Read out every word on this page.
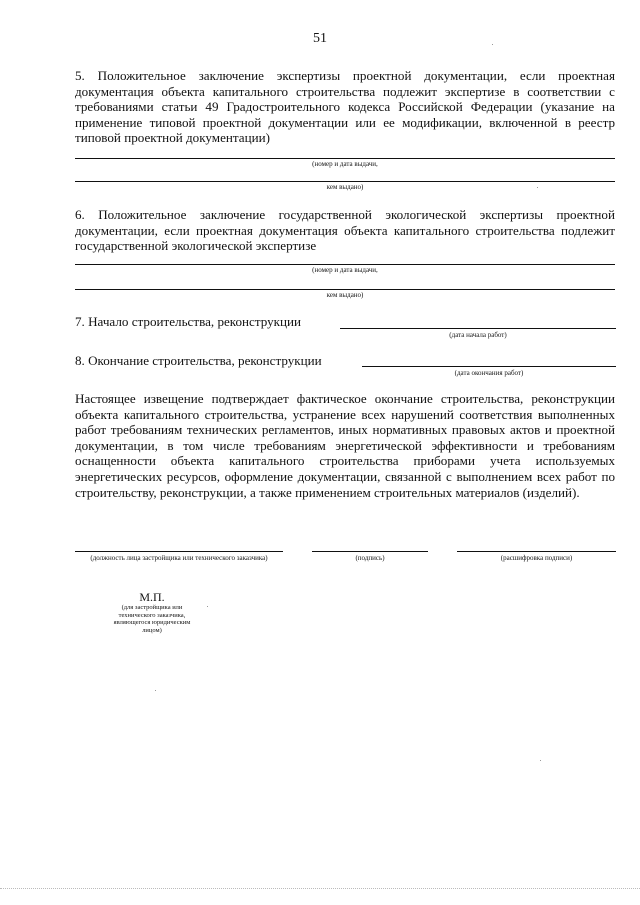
51

5. Положительное заключение экспертизы проектной документации, если проектная документация объекта капитального строительства подлежит экспертизе в соответствии с требованиями статьи 49 Градостроительного кодекса Российской Федерации (указание на применение типовой проектной документации или ее модификации, включенной в реестр типовой проектной документации)

(номер и дата выдачи,
кем выдано)

6. Положительное заключение государственной экологической экспертизы проектной документации, если проектная документация объекта капитального строительства подлежит государственной экологической экспертизе

(номер и дата выдачи,
кем выдано)
7. Начало строительства, реконструкции
(дата начала работ)
8. Окончание строительства, реконструкции
(дата окончания работ)

Настоящее извещение подтверждает фактическое окончание строительства, реконструкции объекта капитального строительства, устранение всех нарушений соответствия выполненных работ требованиям технических регламентов, иных нормативных правовых актов и проектной документации, в том числе требованиям энергетической эффективности и требованиям оснащенности объекта капитального строительства приборами учета используемых энергетических ресурсов, оформление документации, связанной с выполнением всех работ по строительству, реконструкции, а также применением строительных материалов (изделий).

(должность лица застройщика или технического заказчика)	(подпись)	(расшифровка подписи)
М.П.
(для застройщика или технического заказчика, являющегося юридическим лицом)
